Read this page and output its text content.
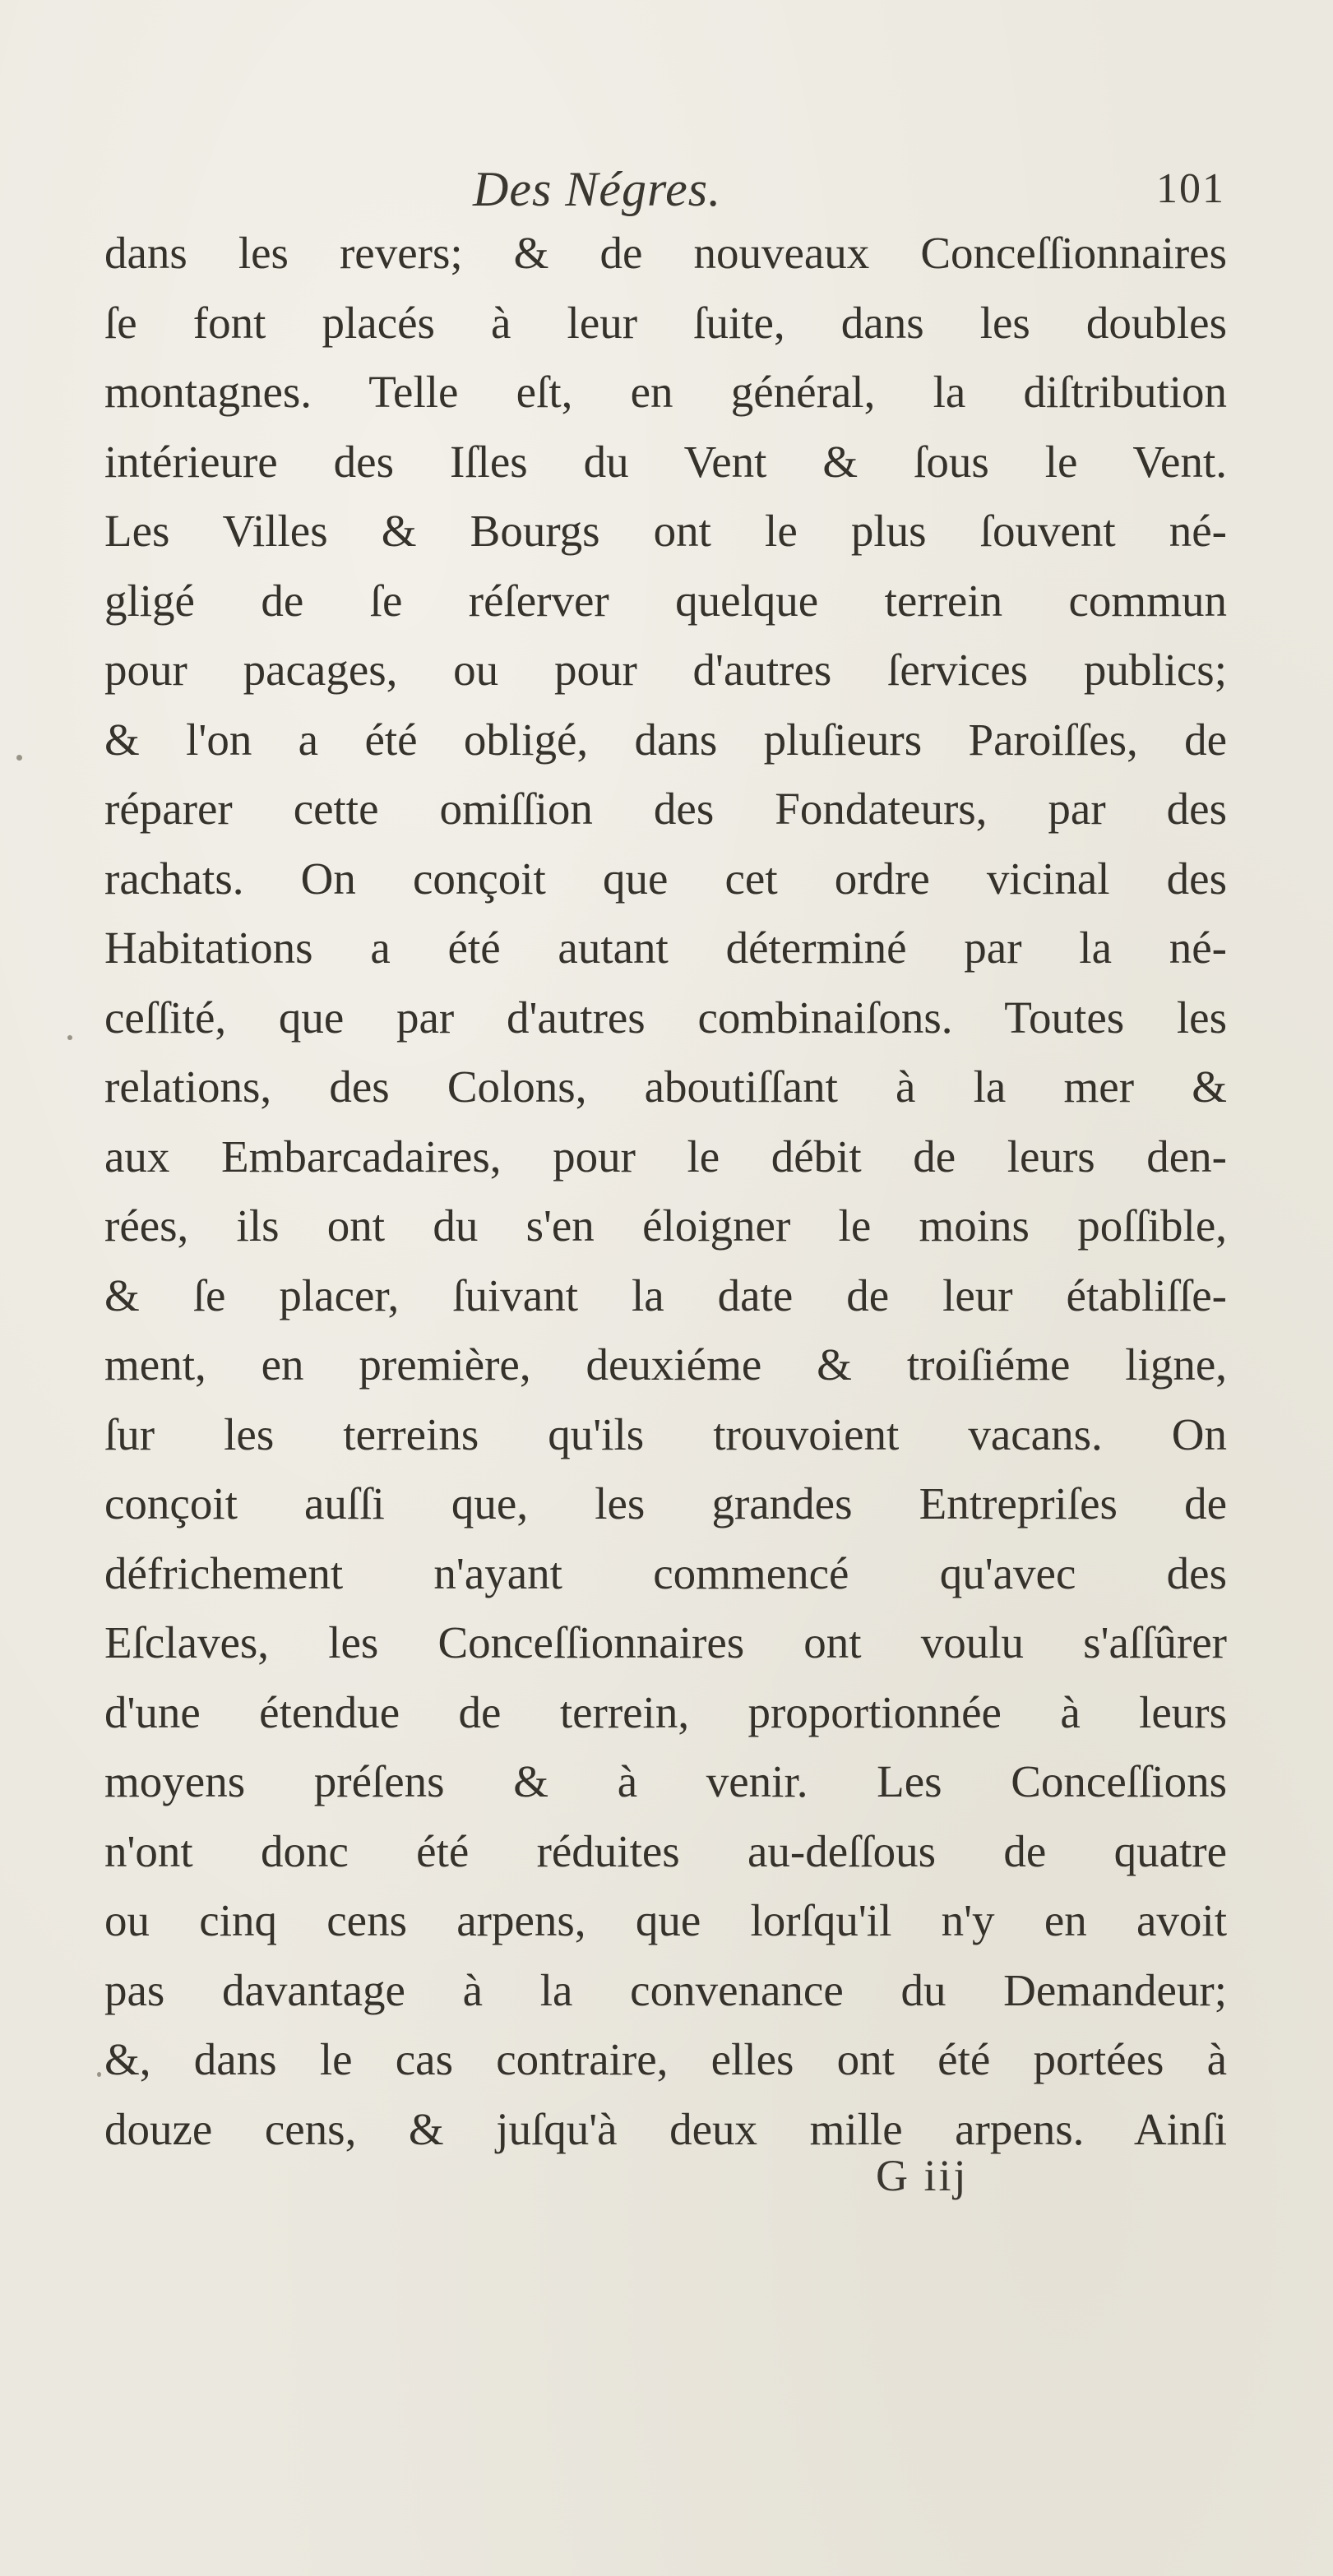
Des Négres.	101
dans les revers; & de nouveaux Conceſſionnaires
ſe font placés à leur ſuite, dans les doubles
montagnes. Telle eſt, en général, la diſtribution
intérieure des Iſles du Vent & ſous le Vent.
Les Villes & Bourgs ont le plus ſouvent né-
gligé de ſe réſerver quelque terrein commun
pour pacages, ou pour d'autres ſervices publics;
& l'on a été obligé, dans pluſieurs Paroiſſes, de
réparer cette omiſſion des Fondateurs, par des
rachats. On conçoit que cet ordre vicinal des
Habitations a été autant déterminé par la né-
ceſſité, que par d'autres combinaiſons. Toutes les
relations, des Colons, aboutiſſant à la mer &
aux Embarcadaires, pour le débit de leurs den-
rées, ils ont du s'en éloigner le moins poſſible,
& ſe placer, ſuivant la date de leur établiſſe-
ment, en première, deuxiéme & troiſiéme ligne,
ſur les terreins qu'ils trouvoient vacans. On
conçoit auſſi que, les grandes Entrepriſes de
défrichement n'ayant commencé qu'avec des
Eſclaves, les Conceſſionnaires ont voulu s'aſſûrer
d'une étendue de terrein, proportionnée à leurs
moyens préſens & à venir. Les Conceſſions
n'ont donc été réduites au-deſſous de quatre
ou cinq cens arpens, que lorſqu'il n'y en avoit
pas davantage à la convenance du Demandeur;
&, dans le cas contraire, elles ont été portées à
douze cens, & juſqu'à deux mille arpens. Ainſi
G iij
